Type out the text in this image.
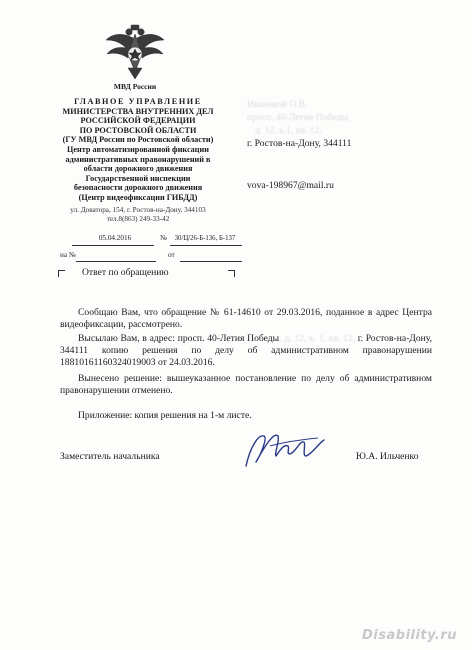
МВД России
ГЛАВНОЕ УПРАВЛЕНИЕ
МИНИСТЕРСТВА ВНУТРЕННИХ ДЕЛ
РОССИЙСКОЙ ФЕДЕРАЦИИ
ПО РОСТОВСКОЙ ОБЛАСТИ
(ГУ МВД России по Ростовской области)
Центр автоматизированной фиксации
административных правонарушений в
области дорожного движения
Государственной инспекции
безопасности дорожного движения
(Центр видеофиксации ГИБДД)
ул. Доватора, 154, г. Ростов-на-Дону, 344103
тел.8(863) 249-33-42
05.04.2016	№	30/Ц/26-Б-136, Б-137
на №	от
Ответ по обращению
Ивановой О.В.
просп. 40-Летия Победы,
д. 12, к.1, кв. 12,
г. Ростов-на-Дону, 344111
vova-198967@mail.ru
Сообщаю Вам, что обращение № 61-14610 от 29.03.2016, поданное в адрес Центра видеофиксации, рассмотрено.
Высылаю Вам, в адрес: просп. 40-Летия Победы, д. 12, к. 1, кв. 12, г. Ростов-на-Дону, 344111 копию решения по делу об административном правонарушении 18810161160324019003 от 24.03.2016.
Вынесено решение: вышеуказанное постановление по делу об административном правонарушении отменено.
Приложение: копия решения на 1-м листе.
Заместитель начальника	Ю.А. Ильченко
Disability.ru
